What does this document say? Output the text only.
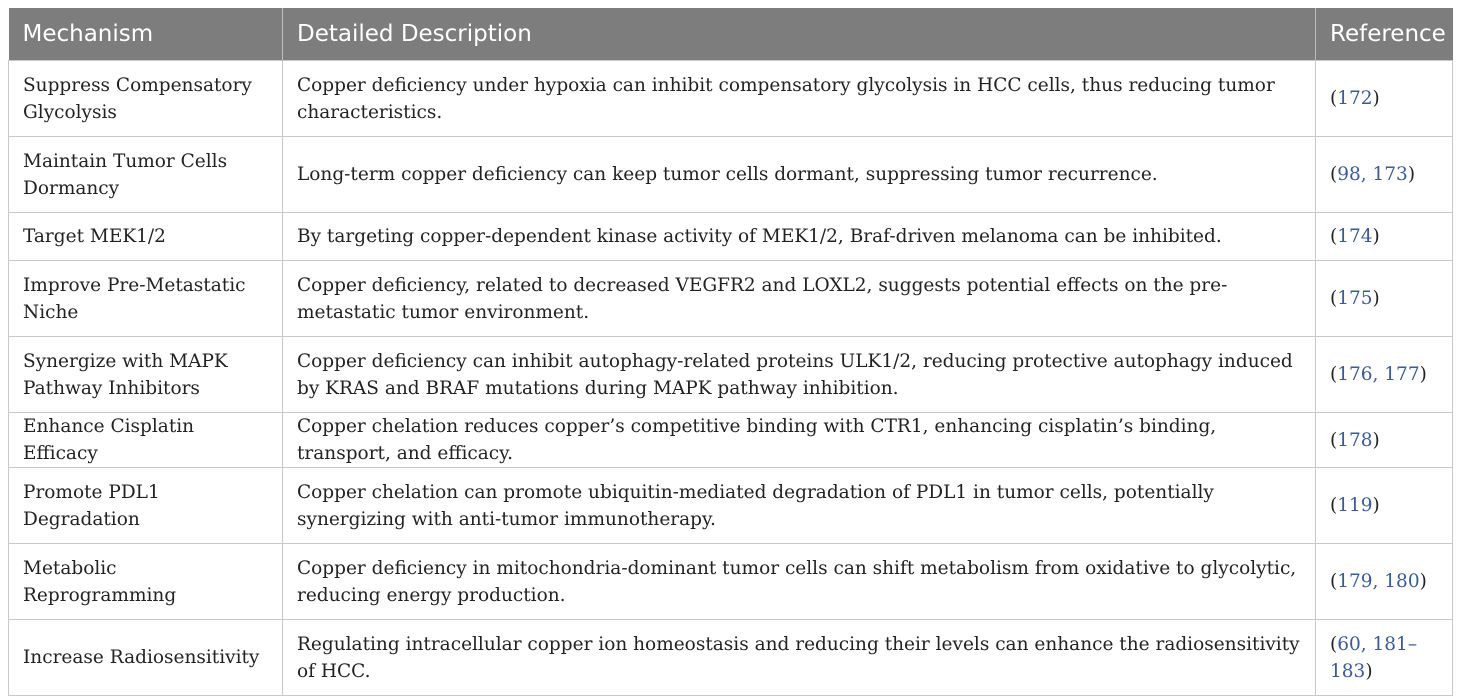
Mechanism	Detailed Description	Reference
Suppress Compensatory Glycolysis	Copper deficiency under hypoxia can inhibit compensatory glycolysis in HCC cells, thus reducing tumor characteristics.	(172)
Maintain Tumor Cells Dormancy	Long-term copper deficiency can keep tumor cells dormant, suppressing tumor recurrence.	(98, 173)
Target MEK1/2	By targeting copper-dependent kinase activity of MEK1/2, Braf-driven melanoma can be inhibited.	(174)
Improve Pre-Metastatic Niche	Copper deficiency, related to decreased VEGFR2 and LOXL2, suggests potential effects on the pre-metastatic tumor environment.	(175)
Synergize with MAPK Pathway Inhibitors	Copper deficiency can inhibit autophagy-related proteins ULK1/2, reducing protective autophagy induced by KRAS and BRAF mutations during MAPK pathway inhibition.	(176, 177)
Enhance Cisplatin Efficacy	Copper chelation reduces copper’s competitive binding with CTR1, enhancing cisplatin’s binding, transport, and efficacy.	(178)
Promote PDL1 Degradation	Copper chelation can promote ubiquitin-mediated degradation of PDL1 in tumor cells, potentially synergizing with anti-tumor immunotherapy.	(119)
Metabolic Reprogramming	Copper deficiency in mitochondria-dominant tumor cells can shift metabolism from oxidative to glycolytic, reducing energy production.	(179, 180)
Increase Radiosensitivity	Regulating intracellular copper ion homeostasis and reducing their levels can enhance the radiosensitivity of HCC.	(60, 181–183)
